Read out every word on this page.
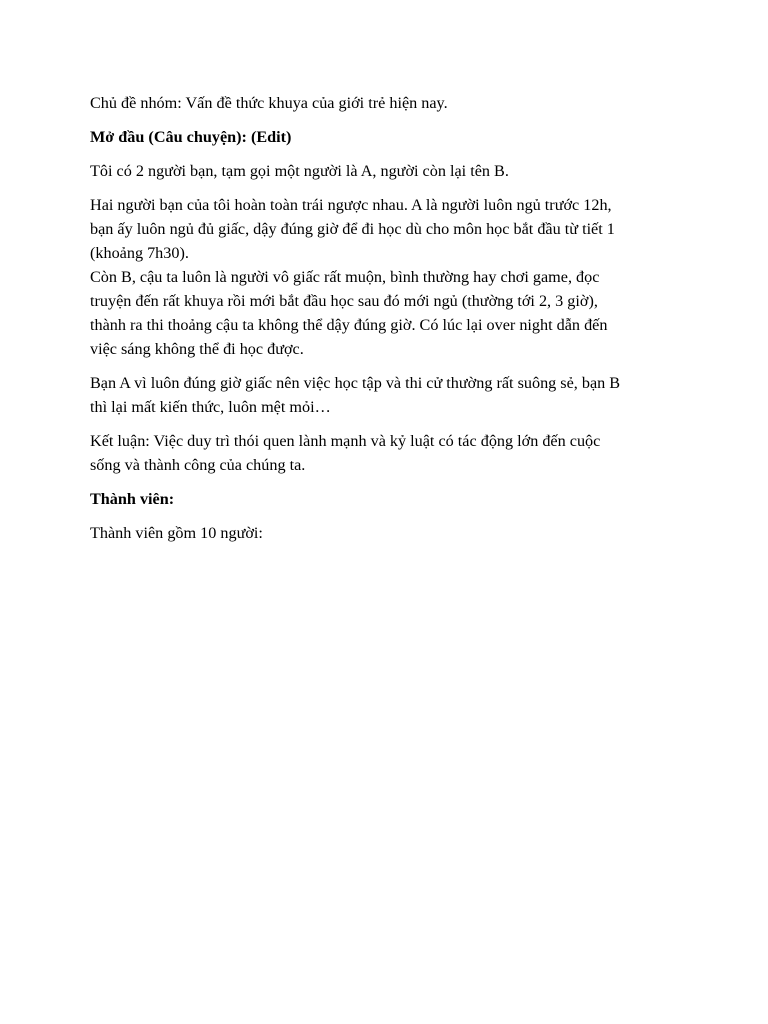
Chủ đề nhóm: Vấn đề thức khuya của giới trẻ hiện nay.

Mở đầu (Câu chuyện): (Edit)

Tôi có 2 người bạn, tạm gọi một người là A, người còn lại tên B.

Hai người bạn của tôi hoàn toàn trái ngược nhau. A là người luôn ngủ trước 12h,
bạn ấy luôn ngủ đủ giấc, dậy đúng giờ để đi học dù cho môn học bắt đầu từ tiết 1
(khoảng 7h30).

Còn B, cậu ta luôn là người vô giấc rất muộn, bình thường hay chơi game, đọc
truyện đến rất khuya rồi mới bắt đầu học sau đó mới ngủ (thường tới 2, 3 giờ),
thành ra thi thoảng cậu ta không thể dậy đúng giờ. Có lúc lại over night dẫn đến
việc sáng không thể đi học được.

Bạn A vì luôn đúng giờ giấc nên việc học tập và thi cử thường rất suông sẻ, bạn B
thì lại mất kiến thức, luôn mệt mỏi…

Kết luận: Việc duy trì thói quen lành mạnh và kỷ luật có tác động lớn đến cuộc
sống và thành công của chúng ta.

Thành viên:

Thành viên gồm 10 người:
